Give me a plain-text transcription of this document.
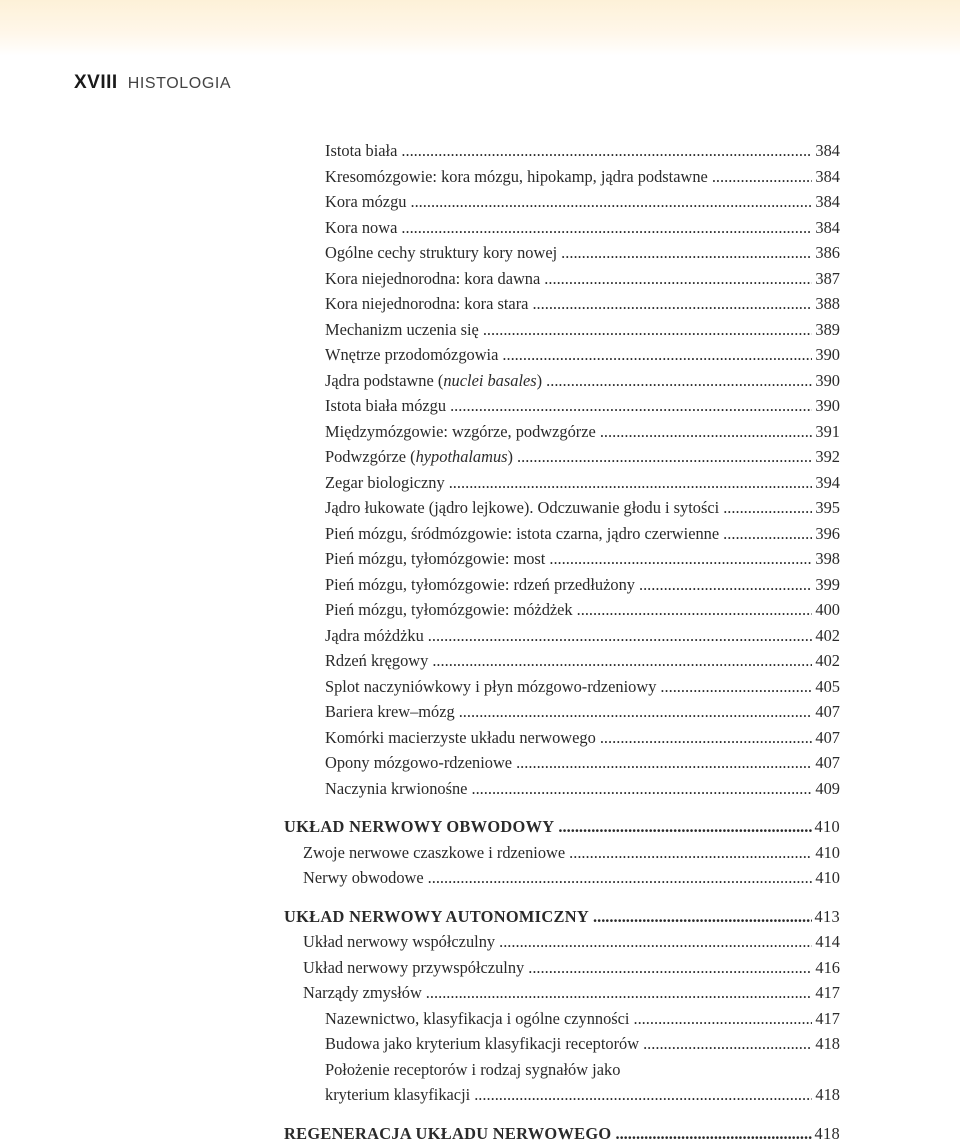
XVIII HISTOLOGIA
Istota biała .....	384
Kresomózgowie: kora mózgu, hipokamp, jądra podstawne .....	384
Kora mózgu .....	384
Kora nowa .....	384
Ogólne cechy struktury kory nowej .....	386
Kora niejednorodna: kora dawna .....	387
Kora niejednorodna: kora stara .....	388
Mechanizm uczenia się .....	389
Wnętrze przodomózgowia .....	390
Jądra podstawne (nuclei basales) .....	390
Istota biała mózgu .....	390
Międzymózgowie: wzgórze, podwzgórze .....	391
Podwzgórze (hypothalamus) .....	392
Zegar biologiczny .....	394
Jądro łukowate (jądro lejkowe). Odczuwanie głodu i sytości .....	395
Pień mózgu, śródmózgowie: istota czarna, jądro czerwienne .....	396
Pień mózgu, tyłomózgowie: most .....	398
Pień mózgu, tyłomózgowie: rdzeń przedłużony .....	399
Pień mózgu, tyłomózgowie: móżdżek .....	400
Jądra móżdżku .....	402
Rdzeń kręgowy .....	402
Splot naczyniówkowy i płyn mózgowo-rdzeniowy .....	405
Bariera krew–mózg .....	407
Komórki macierzyste układu nerwowego .....	407
Opony mózgowo-rdzeniowe .....	407
Naczynia krwionośne .....	409
UKŁAD NERWOWY OBWODOWY .....	410
Zwoje nerwowe czaszkowe i rdzeniowe .....	410
Nerwy obwodowe .....	410
UKŁAD NERWOWY AUTONOMICZNY .....	413
Układ nerwowy współczulny .....	414
Układ nerwowy przywspółczulny .....	416
Narządy zmysłów .....	417
Nazewnictwo, klasyfikacja i ogólne czynności .....	417
Budowa jako kryterium klasyfikacji receptorów .....	418
Położenie receptorów i rodzaj sygnałów jako
kryterium klasyfikacji .....	418
REGENERACJA UKŁADU NERWOWEGO .....	418
